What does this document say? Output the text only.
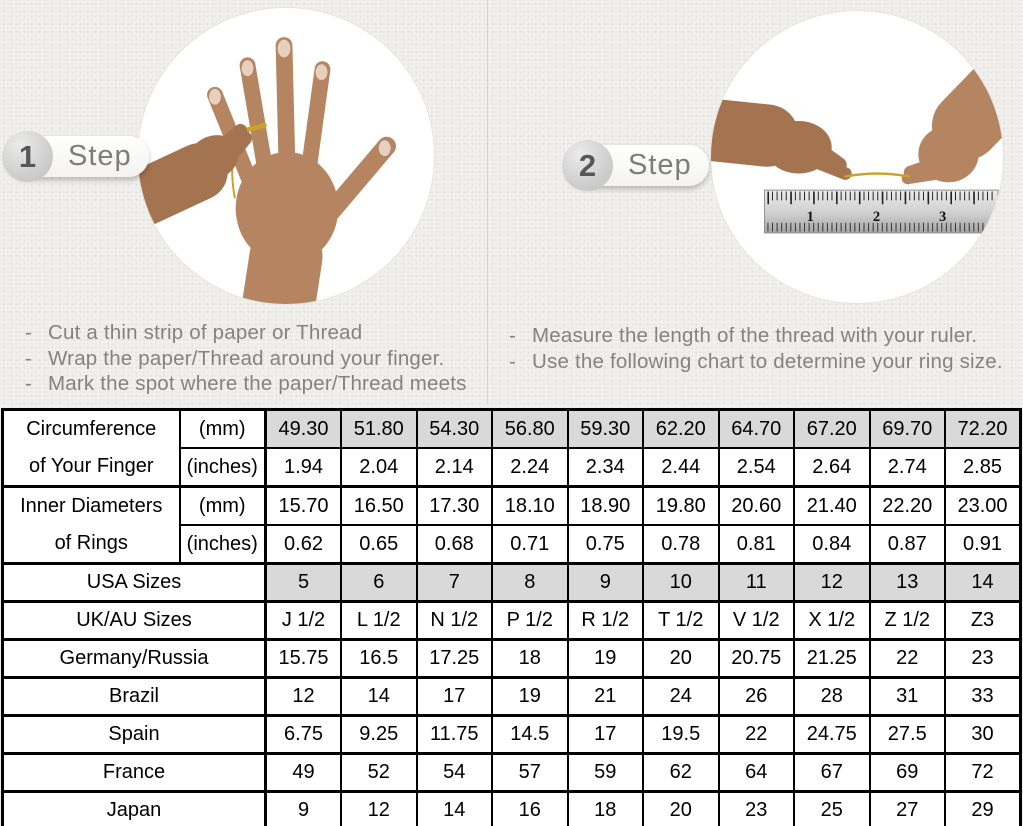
1	2	3
Step
1	Step
2
- Cut a thin strip of paper or Thread
- Wrap the paper/Thread around your finger.
- Mark the spot where the paper/Thread meets
- Measure the length of the thread with your ruler.
- Use the following chart to determine your ring size.
Circumference
of Your Finger	(mm)	49.30	51.80	54.30	56.80	59.30	62.20	64.70	67.20	69.70	72.20
	(inches)	1.94	2.04	2.14	2.24	2.34	2.44	2.54	2.64	2.74	2.85

Inner Diameters
of Rings	(mm)	15.70	16.50	17.30	18.10	18.90	19.80	20.60	21.40	22.20	23.00
	(inches)	0.62	0.65	0.68	0.71	0.75	0.78	0.81	0.84	0.87	0.91
USA Sizes		5	6	7	8	9	10	11	12	13	14
UK/AU Sizes		J 1/2	L 1/2	N 1/2	P 1/2	R 1/2	T 1/2	V 1/2	X 1/2	Z 1/2	Z3
Germany/Russia		15.75	16.5	17.25	18	19	20	20.75	21.25	22	23
Brazil		12	14	17	19	21	24	26	28	31	33
Spain		6.75	9.25	11.75	14.5	17	19.5	22	24.75	27.5	30
France		49	52	54	57	59	62	64	67	69	72
Japan		9	12	14	16	18	20	23	25	27	29
